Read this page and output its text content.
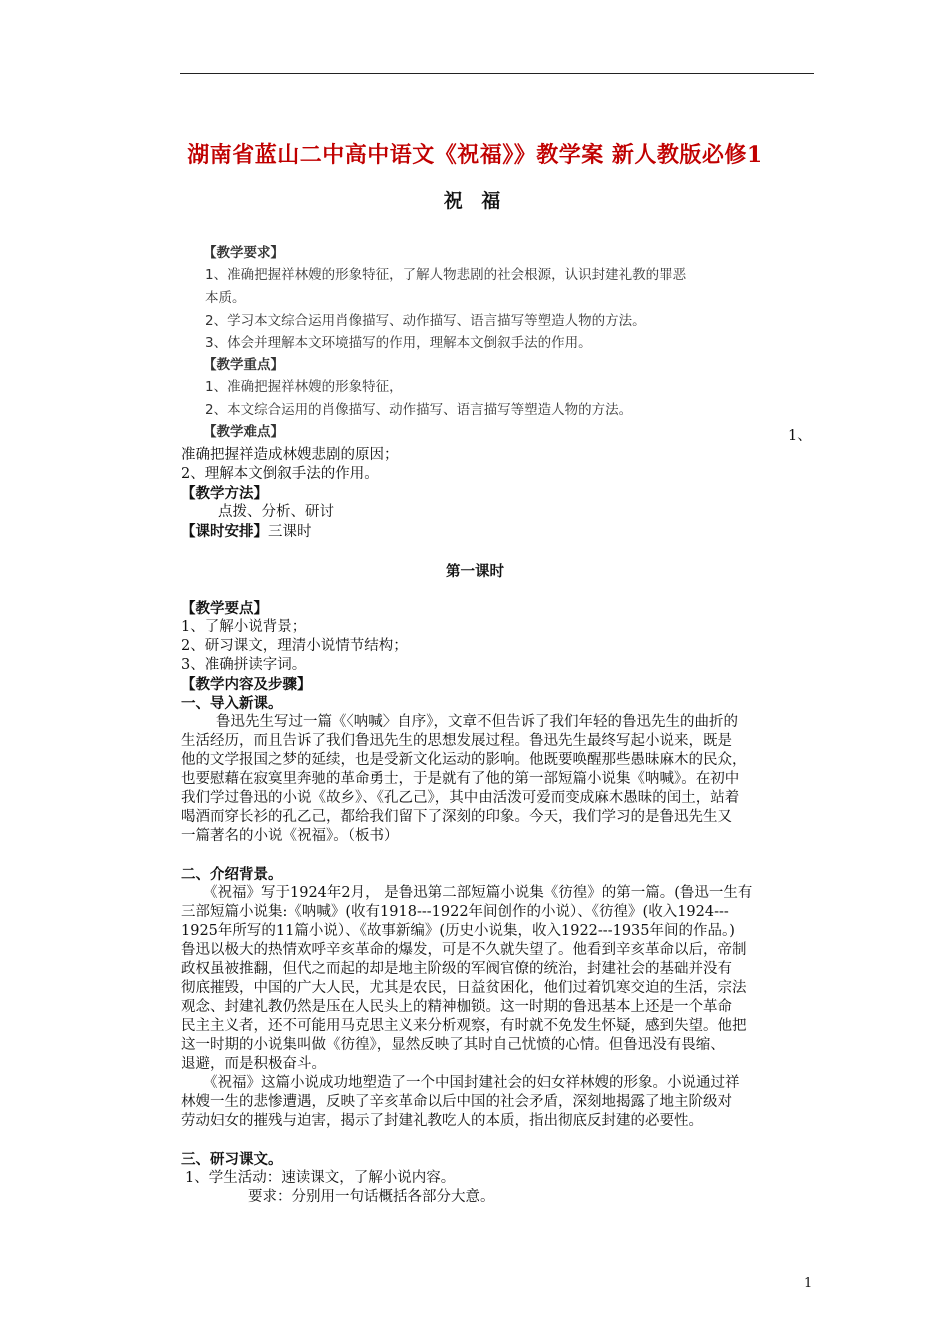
湖南省蓝山二中高中语文《祝福》》教学案 新人教版必修1
祝 福
【教学要求】
1、准确把握祥林嫂的形象特征，了解人物悲剧的社会根源，认识封建礼教的罪恶
本质。
2、学习本文综合运用肖像描写、动作描写、语言描写等塑造人物的方法。
3、体会并理解本文环境描写的作用，理解本文倒叙手法的作用。
【教学重点】
1、准确把握祥林嫂的形象特征，
2、本文综合运用的肖像描写、动作描写、语言描写等塑造人物的方法。
【教学难点】	1、
准确把握祥造成林嫂悲剧的原因；
2、理解本文倒叙手法的作用。
【教学方法】
点拨、分析、研讨
【课时安排】三课时
第一课时
【教学要点】
1、了解小说背景；
2、研习课文，理清小说情节结构；
3、准确拼读字词。
【教学内容及步骤】
一、导入新课。
鲁迅先生写过一篇《〈呐喊〉自序》，文章不但告诉了我们年轻的鲁迅先生的曲折的
生活经历，而且告诉了我们鲁迅先生的思想发展过程。鲁迅先生最终写起小说来，既是
他的文学报国之梦的延续，也是受新文化运动的影响。他既要唤醒那些愚昧麻木的民众，
也要慰藉在寂寞里奔驰的革命勇士，于是就有了他的第一部短篇小说集《呐喊》。在初中
我们学过鲁迅的小说《故乡》、《孔乙己》，其中由活泼可爱而变成麻木愚昧的闰土，站着
喝酒而穿长衫的孔乙己，都给我们留下了深刻的印象。今天，我们学习的是鲁迅先生又
一篇著名的小说《祝福》。（板书）
二、介绍背景。
《祝福》写于1924年2月， 是鲁迅第二部短篇小说集《彷徨》的第一篇。(鲁迅一生有
三部短篇小说集:《呐喊》(收有1918---1922年间创作的小说）、《彷徨》(收入1924---
1925年所写的11篇小说）、《故事新编》(历史小说集，收入1922---1935年间的作品。)
鲁迅以极大的热情欢呼辛亥革命的爆发，可是不久就失望了。他看到辛亥革命以后，帝制
政权虽被推翻，但代之而起的却是地主阶级的军阀官僚的统治，封建社会的基础并没有
彻底摧毁，中国的广大人民，尤其是农民，日益贫困化，他们过着饥寒交迫的生活，宗法
观念、封建礼教仍然是压在人民头上的精神枷锁。这一时期的鲁迅基本上还是一个革命
民主主义者，还不可能用马克思主义来分析观察，有时就不免发生怀疑，感到失望。他把
这一时期的小说集叫做《彷徨》，显然反映了其时自己忧愤的心情。但鲁迅没有畏缩、
退避，而是积极奋斗。
《祝福》这篇小说成功地塑造了一个中国封建社会的妇女祥林嫂的形象。小说通过祥
林嫂一生的悲惨遭遇，反映了辛亥革命以后中国的社会矛盾，深刻地揭露了地主阶级对
劳动妇女的摧残与迫害，揭示了封建礼教吃人的本质，指出彻底反封建的必要性。
三、研习课文。
1、学生活动：速读课文，了解小说内容。
要求：分别用一句话概括各部分大意。
1
